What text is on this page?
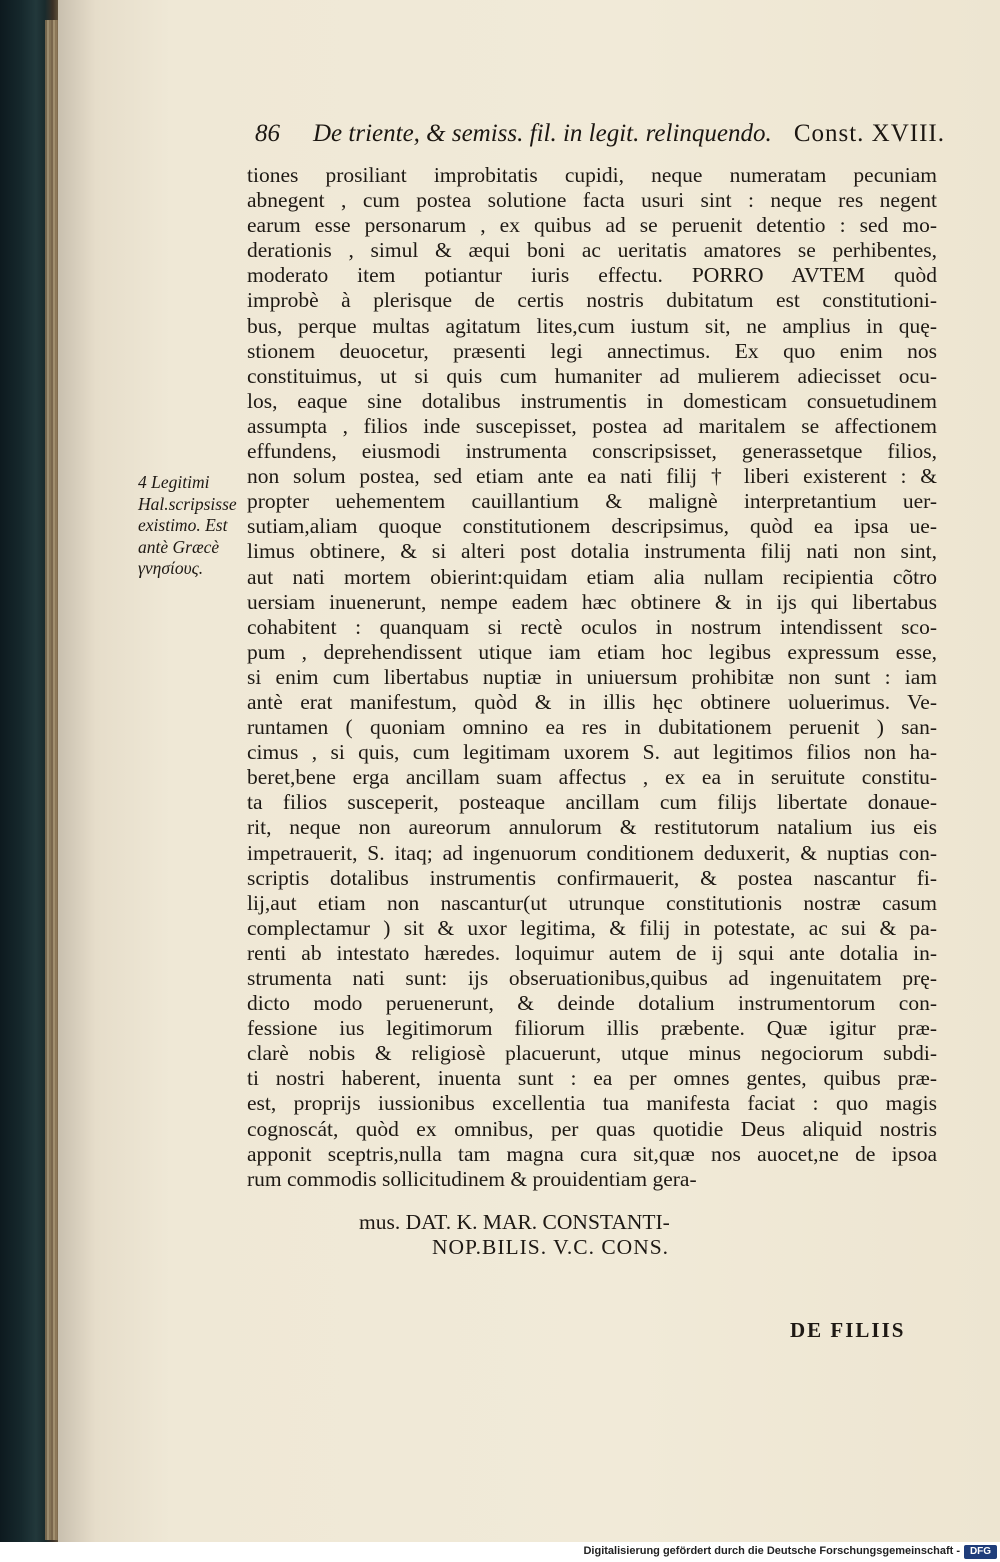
86 De triente, & semiss. fil. in legit. relinquendo. Const. XVIII.
4 Legitimi
Hal.scripsisse
existimo. Est
antè Græcè
γνησίους.
tiones prosiliant improbitatis cupidi, neque numeratam pecuniam
abnegent , cum postea solutione facta usuri sint : neque res negent
earum esse personarum , ex quibus ad se peruenit detentio : sed mo-
derationis , simul & æqui boni ac ueritatis amatores se perhibentes,
moderato item potiantur iuris effectu. PORRO AVTEM quòd
improbè à plerisque de certis nostris dubitatum est constitutioni-
bus, perque multas agitatum lites,cum iustum sit, ne amplius in quę-
stionem deuocetur, præsenti legi annectimus. Ex quo enim nos
constituimus, ut si quis cum humaniter ad mulierem adiecisset ocu-
los, eaque sine dotalibus instrumentis in domesticam consuetudinem
assumpta , filios inde suscepisset, postea ad maritalem se affectionem
effundens, eiusmodi instrumenta conscripsisset, generassetque filios,
non solum postea, sed etiam ante ea nati filij † liberi existerent : &
propter uehementem cauillantium & malignè interpretantium uer-
sutiam,aliam quoque constitutionem descripsimus, quòd ea ipsa ue-
limus obtinere, & si alteri post dotalia instrumenta filij nati non sint,
aut nati mortem obierint:quidam etiam alia nullam recipientia cõtro
uersiam inuenerunt, nempe eadem hæc obtinere & in ijs qui libertabus
cohabitent : quanquam si rectè oculos in nostrum intendissent sco-
pum , deprehendissent utique iam etiam hoc legibus expressum esse,
si enim cum libertabus nuptiæ in uniuersum prohibitæ non sunt : iam
antè erat manifestum, quòd & in illis hęc obtinere uoluerimus. Ve-
runtamen ( quoniam omnino ea res in dubitationem peruenit ) san-
cimus , si quis, cum legitimam uxorem S. aut legitimos filios non ha-
beret,bene erga ancillam suam affectus , ex ea in seruitute constitu-
ta filios susceperit, posteaque ancillam cum filijs libertate donaue-
rit, neque non aureorum annulorum & restitutorum natalium ius eis
impetrauerit, S. itaq; ad ingenuorum conditionem deduxerit, & nuptias con-
scriptis dotalibus instrumentis confirmauerit, & postea nascantur fi-
lij,aut etiam non nascantur(ut utrunque constitutionis nostræ casum
complectamur ) sit & uxor legitima, & filij in potestate, ac sui & pa-
renti ab intestato hæredes. loquimur autem de ij squi ante dotalia in-
strumenta nati sunt: ijs obseruationibus,quibus ad ingenuitatem prę-
dicto modo peruenerunt, & deinde dotalium instrumentorum con-
fessione ius legitimorum filiorum illis præbente. Quæ igitur præ-
clarè nobis & religiosè placuerunt, utque minus negociorum subdi-
ti nostri haberent, inuenta sunt : ea per omnes gentes, quibus præ-
est, proprijs iussionibus excellentia tua manifesta faciat : quo magis
cognoscát, quòd ex omnibus, per quas quotidie Deus aliquid nostris
apponit sceptris,nulla tam magna cura sit,quæ nos auocet,ne de ipsoa
rum commodis sollicitudinem & prouidentiam gera-
mus. DAT. K. MAR. CONSTANTI-
NOP.BILIS. V.C. CONS.
DE FILIIS
Digitalisierung gefördert durch die Deutsche Forschungsgemeinschaft - DFG
